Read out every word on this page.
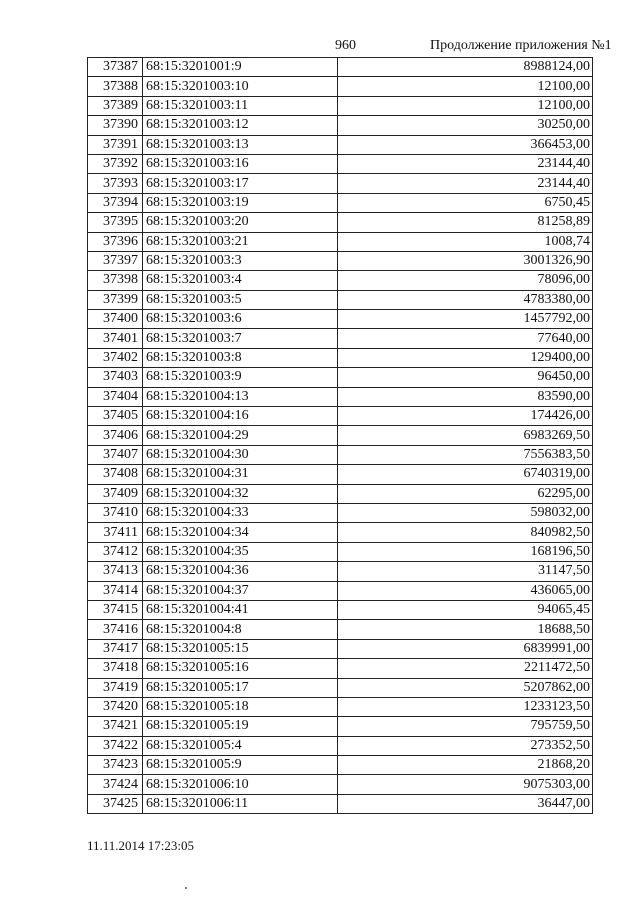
960	Продолжение приложения №1
37387	68:15:3201001:9	8988124,00
37388	68:15:3201003:10	12100,00
37389	68:15:3201003:11	12100,00
37390	68:15:3201003:12	30250,00
37391	68:15:3201003:13	366453,00
37392	68:15:3201003:16	23144,40
37393	68:15:3201003:17	23144,40
37394	68:15:3201003:19	6750,45
37395	68:15:3201003:20	81258,89
37396	68:15:3201003:21	1008,74
37397	68:15:3201003:3	3001326,90
37398	68:15:3201003:4	78096,00
37399	68:15:3201003:5	4783380,00
37400	68:15:3201003:6	1457792,00
37401	68:15:3201003:7	77640,00
37402	68:15:3201003:8	129400,00
37403	68:15:3201003:9	96450,00
37404	68:15:3201004:13	83590,00
37405	68:15:3201004:16	174426,00
37406	68:15:3201004:29	6983269,50
37407	68:15:3201004:30	7556383,50
37408	68:15:3201004:31	6740319,00
37409	68:15:3201004:32	62295,00
37410	68:15:3201004:33	598032,00
37411	68:15:3201004:34	840982,50
37412	68:15:3201004:35	168196,50
37413	68:15:3201004:36	31147,50
37414	68:15:3201004:37	436065,00
37415	68:15:3201004:41	94065,45
37416	68:15:3201004:8	18688,50
37417	68:15:3201005:15	6839991,00
37418	68:15:3201005:16	2211472,50
37419	68:15:3201005:17	5207862,00
37420	68:15:3201005:18	1233123,50
37421	68:15:3201005:19	795759,50
37422	68:15:3201005:4	273352,50
37423	68:15:3201005:9	21868,20
37424	68:15:3201006:10	9075303,00
37425	68:15:3201006:11	36447,00
11.11.2014 17:23:05
